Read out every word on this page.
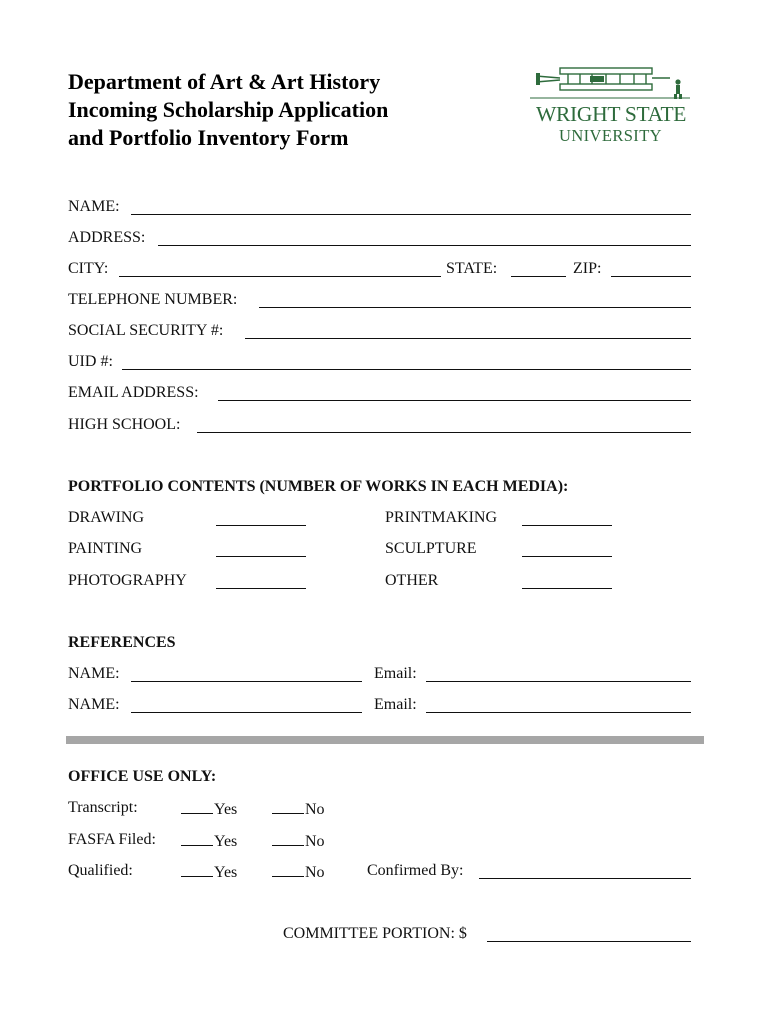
Department of Art & Art History
Incoming Scholarship Application
and Portfolio Inventory Form
WRIGHT STATE
UNIVERSITY
NAME:
ADDRESS:
CITY:	STATE:	ZIP:
TELEPHONE NUMBER:
SOCIAL SECURITY #:
UID #:
EMAIL ADDRESS:
HIGH SCHOOL:
PORTFOLIO CONTENTS (NUMBER OF WORKS IN EACH MEDIA):
DRAWING	PRINTMAKING
PAINTING	SCULPTURE
PHOTOGRAPHY	OTHER
REFERENCES
NAME:	Email:
NAME:	Email:
OFFICE USE ONLY:
Transcript:	Yes	No
FASFA Filed:	Yes	No
Qualified:	Yes	No	Confirmed By:
COMMITTEE PORTION: $
